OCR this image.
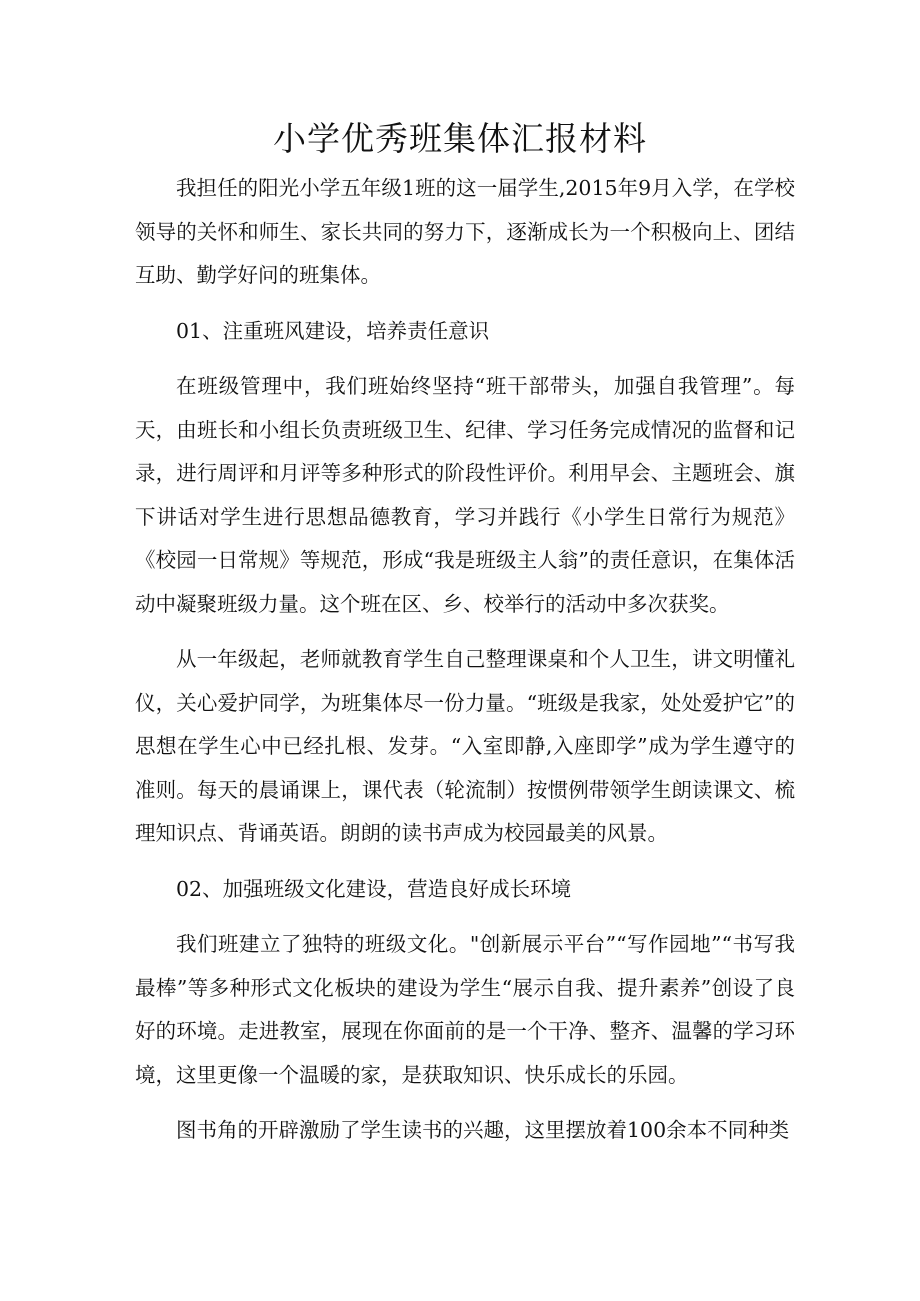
小学优秀班集体汇报材料

我担任的阳光小学五年级1班的这一届学生,2015年9月入学，在学校领导的关怀和师生、家长共同的努力下，逐渐成长为一个积极向上、团结互助、勤学好问的班集体。

01、注重班风建设，培养责任意识

在班级管理中，我们班始终坚持“班干部带头，加强自我管理”。每天，由班长和小组长负责班级卫生、纪律、学习任务完成情况的监督和记录，进行周评和月评等多种形式的阶段性评价。利用早会、主题班会、旗下讲话对学生进行思想品德教育，学习并践行《小学生日常行为规范》《校园一日常规》等规范，形成“我是班级主人翁”的责任意识，在集体活动中凝聚班级力量。这个班在区、乡、校举行的活动中多次获奖。

从一年级起，老师就教育学生自己整理课桌和个人卫生，讲文明懂礼仪，关心爱护同学，为班集体尽一份力量。“班级是我家，处处爱护它”的思想在学生心中已经扎根、发芽。“入室即静,入座即学”成为学生遵守的准则。每天的晨诵课上，课代表（轮流制）按惯例带领学生朗读课文、梳理知识点、背诵英语。朗朗的读书声成为校园最美的风景。

02、加强班级文化建设，营造良好成长环境

我们班建立了独特的班级文化。"创新展示平台”“写作园地”“书写我最棒”等多种形式文化板块的建设为学生“展示自我、提升素养”创设了良好的环境。走进教室，展现在你面前的是一个干净、整齐、温馨的学习环境，这里更像一个温暖的家，是获取知识、快乐成长的乐园。

图书角的开辟激励了学生读书的兴趣，这里摆放着100余本不同种类
